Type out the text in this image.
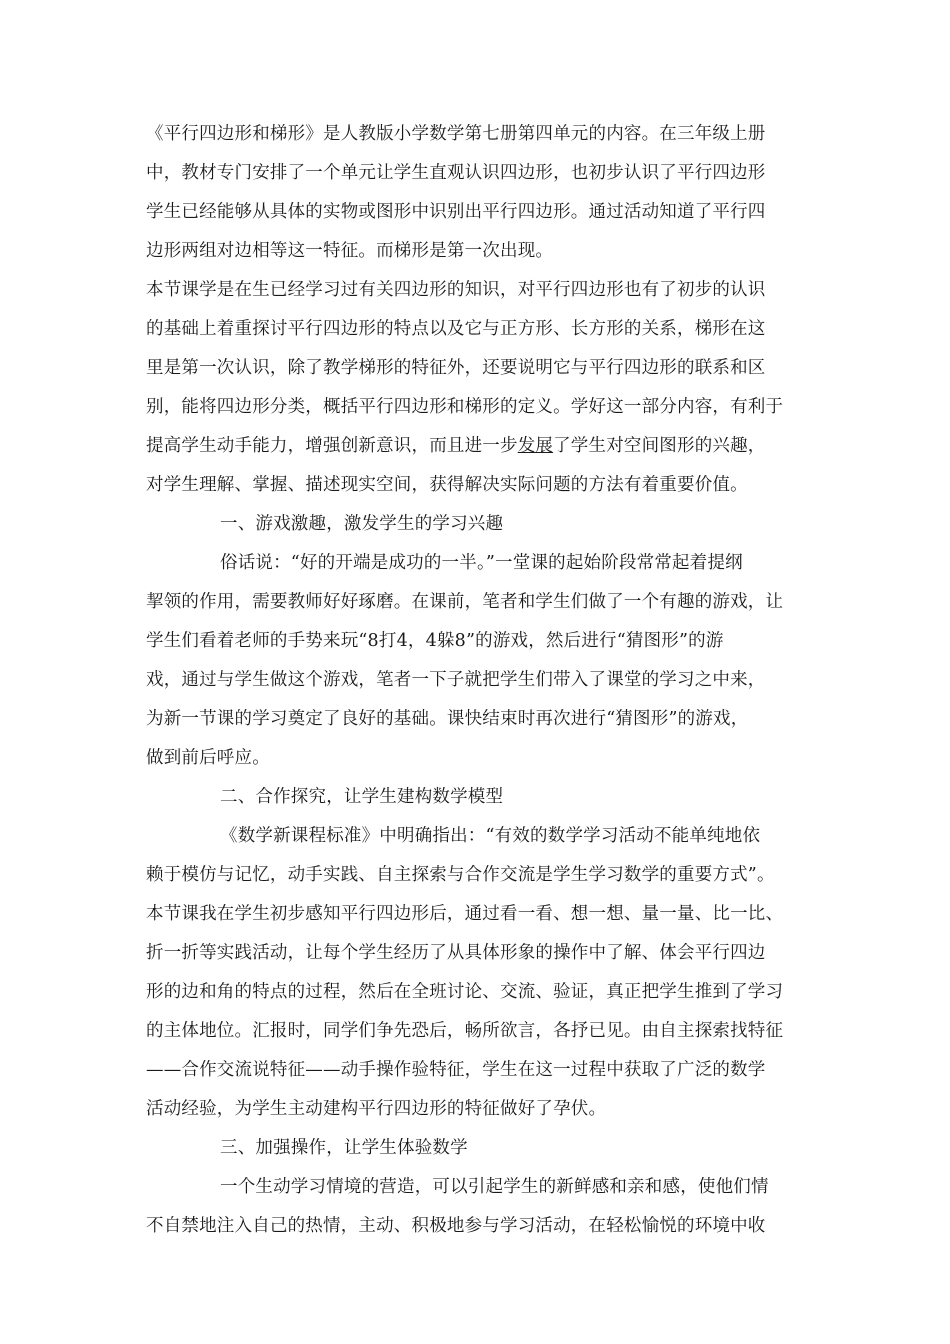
《平行四边形和梯形》是人教版小学数学第七册第四单元的内容。在三年级上册
中，教材专门安排了一个单元让学生直观认识四边形，也初步认识了平行四边形
学生已经能够从具体的实物或图形中识别出平行四边形。通过活动知道了平行四
边形两组对边相等这一特征。而梯形是第一次出现。
本节课学是在生已经学习过有关四边形的知识，对平行四边形也有了初步的认识
的基础上着重探讨平行四边形的特点以及它与正方形、长方形的关系，梯形在这
里是第一次认识，除了教学梯形的特征外，还要说明它与平行四边形的联系和区
别，能将四边形分类，概括平行四边形和梯形的定义。学好这一部分内容，有利于
提高学生动手能力，增强创新意识，而且进一步发展了学生对空间图形的兴趣，
对学生理解、掌握、描述现实空间，获得解决实际问题的方法有着重要价值。
一、游戏激趣，激发学生的学习兴趣
俗话说：“好的开端是成功的一半。”一堂课的起始阶段常常起着提纲
挈领的作用，需要教师好好琢磨。在课前，笔者和学生们做了一个有趣的游戏，让
学生们看着老师的手势来玩“8打4，4躲8”的游戏，然后进行“猜图形”的游
戏，通过与学生做这个游戏，笔者一下子就把学生们带入了课堂的学习之中来，
为新一节课的学习奠定了良好的基础。课快结束时再次进行“猜图形”的游戏，
做到前后呼应。
二、合作探究，让学生建构数学模型
《数学新课程标准》中明确指出：“有效的数学学习活动不能单纯地依
赖于模仿与记忆，动手实践、自主探索与合作交流是学生学习数学的重要方式”。
本节课我在学生初步感知平行四边形后，通过看一看、想一想、量一量、比一比、
折一折等实践活动，让每个学生经历了从具体形象的操作中了解、体会平行四边
形的边和角的特点的过程，然后在全班讨论、交流、验证，真正把学生推到了学习
的主体地位。汇报时，同学们争先恐后，畅所欲言，各抒已见。由自主探索找特征
——合作交流说特征——动手操作验特征，学生在这一过程中获取了广泛的数学
活动经验，为学生主动建构平行四边形的特征做好了孕伏。
三、加强操作，让学生体验数学
一个生动学习情境的营造，可以引起学生的新鲜感和亲和感，使他们情
不自禁地注入自己的热情，主动、积极地参与学习活动，在轻松愉悦的环境中收
